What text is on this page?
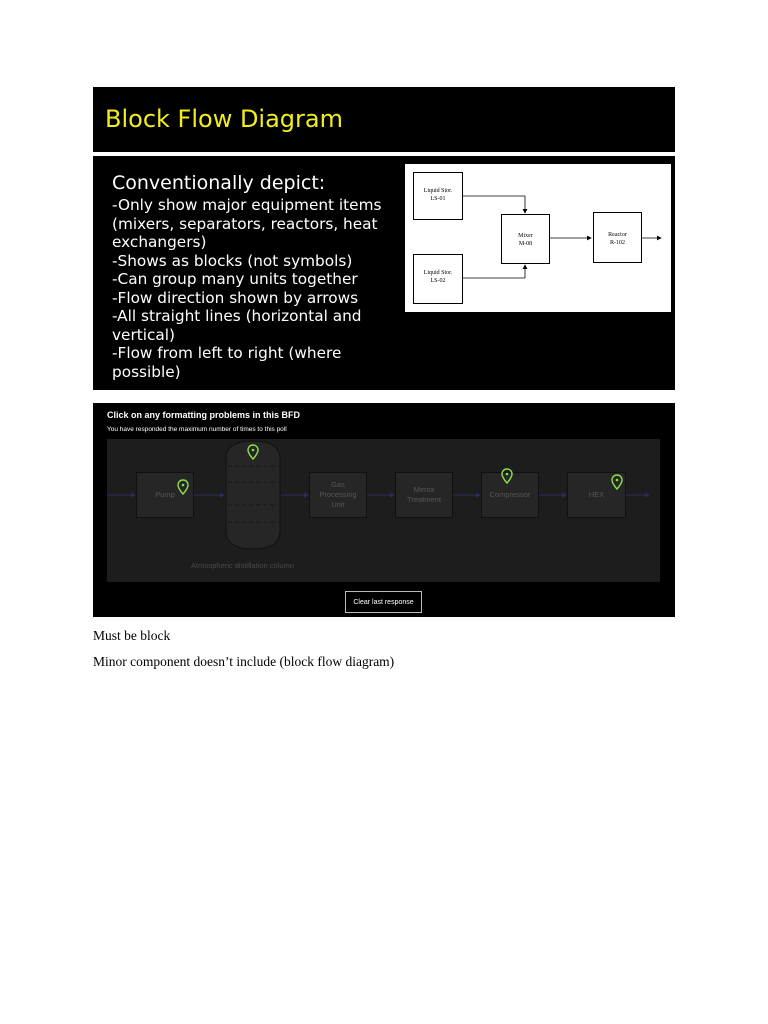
Block Flow Diagram
Conventionally depict:
-Only show major equipment items (mixers, separators, reactors, heat exchangers)
-Shows as blocks (not symbols)
-Can group many units together
-Flow direction shown by arrows
-All straight lines (horizontal and vertical)
-Flow from left to right (where possible)
Liquid Stor.
LS-01
Liquid Stor.
LS-02
Mixer
M-08
Reactor
R-102
Click on any formatting problems in this BFD
You have responded the maximum number of times to this poll
Pump
Gas Processing Unit
Merox Treatment
Compressor	HEX
Atmospheric distillation column
Clear last response
Must be block
Minor component doesn’t include (block flow diagram)
